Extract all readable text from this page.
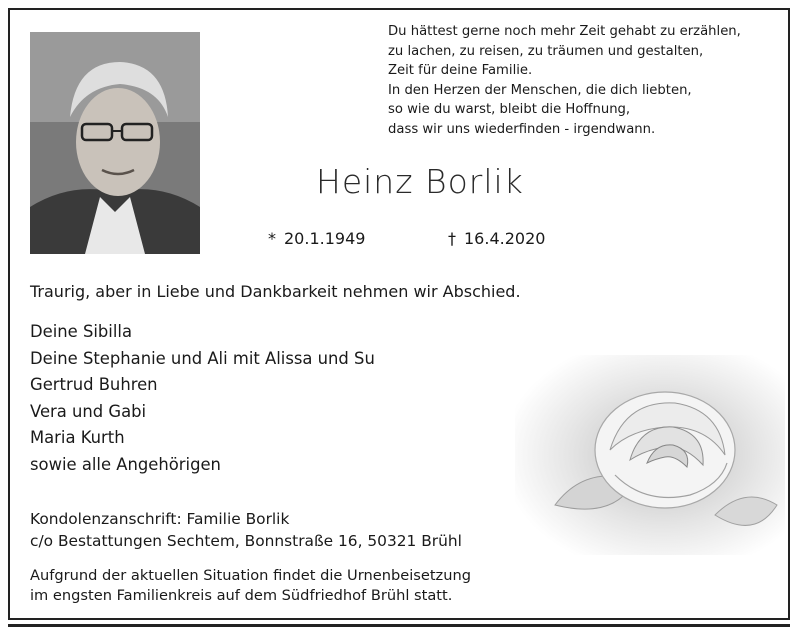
Du hättest gerne noch mehr Zeit gehabt zu erzählen,
zu lachen, zu reisen, zu träumen und gestalten,
Zeit für deine Familie.
In den Herzen der Menschen, die dich liebten,
so wie du warst, bleibt die Hoffnung,
dass wir uns wiederfinden - irgendwann.
Heinz Borlik
* 20.1.1949	† 16.4.2020
Traurig, aber in Liebe und Dankbarkeit nehmen wir Abschied.
Deine Sibilla
Deine Stephanie und Ali mit Alissa und Su
Gertrud Buhren
Vera und Gabi
Maria Kurth
sowie alle Angehörigen
Kondolenzanschrift: Familie Borlik
c/o Bestattungen Sechtem, Bonnstraße 16, 50321 Brühl
Aufgrund der aktuellen Situation findet die Urnenbeisetzung
im engsten Familienkreis auf dem Südfriedhof Brühl statt.
